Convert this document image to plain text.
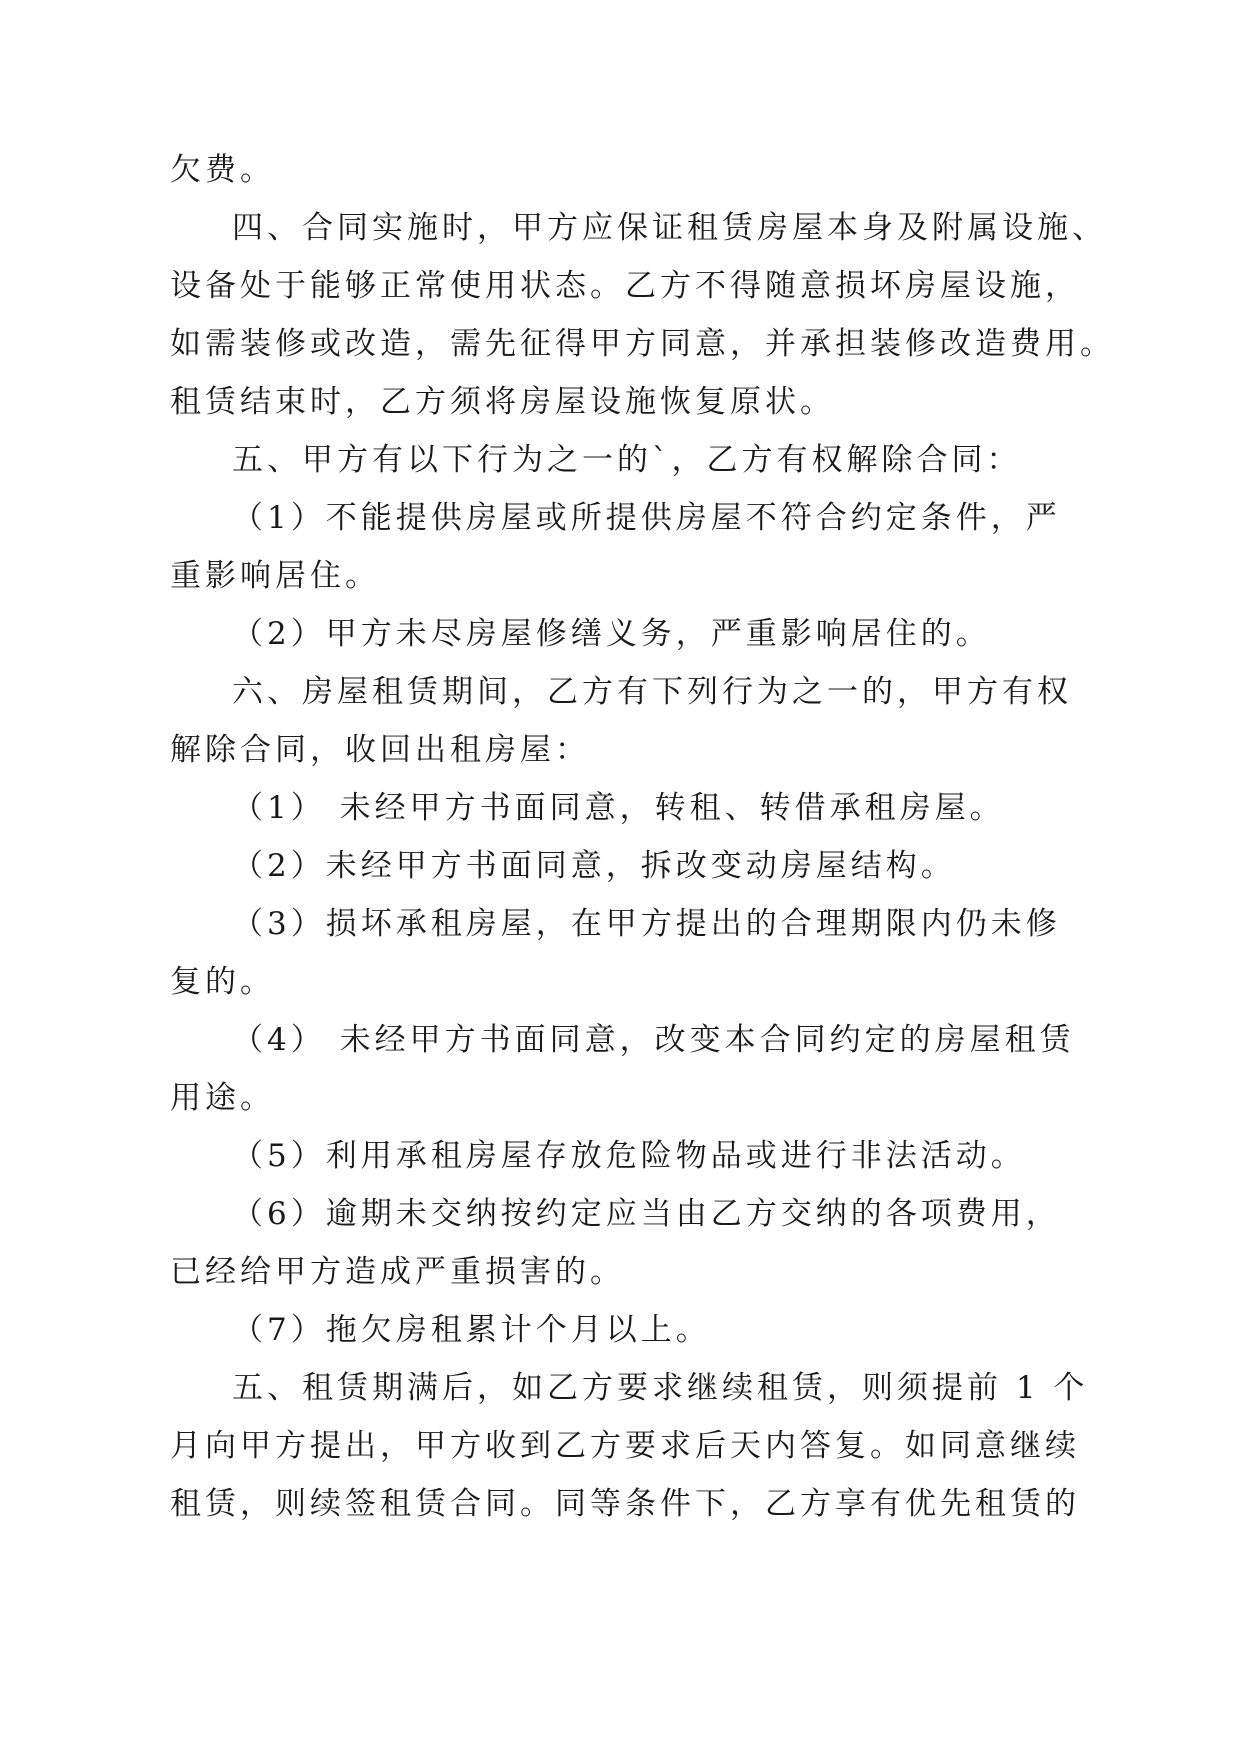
欠费。
四、合同实施时，甲方应保证租赁房屋本身及附属设施、
设备处于能够正常使用状态。乙方不得随意损坏房屋设施，
如需装修或改造，需先征得甲方同意，并承担装修改造费用。
租赁结束时，乙方须将房屋设施恢复原状。
五、甲方有以下行为之一的`，乙方有权解除合同：
（1）不能提供房屋或所提供房屋不符合约定条件，严
重影响居住。
（2）甲方未尽房屋修缮义务，严重影响居住的。
六、房屋租赁期间，乙方有下列行为之一的，甲方有权
解除合同，收回出租房屋：
（1） 未经甲方书面同意，转租、转借承租房屋。
（2）未经甲方书面同意，拆改变动房屋结构。
（3）损坏承租房屋，在甲方提出的合理期限内仍未修
复的。
（4） 未经甲方书面同意，改变本合同约定的房屋租赁
用途。
（5）利用承租房屋存放危险物品或进行非法活动。
（6）逾期未交纳按约定应当由乙方交纳的各项费用，
已经给甲方造成严重损害的。
（7）拖欠房租累计个月以上。
五、租赁期满后，如乙方要求继续租赁，则须提前 1 个
月向甲方提出，甲方收到乙方要求后天内答复。如同意继续
租赁，则续签租赁合同。同等条件下，乙方享有优先租赁的
